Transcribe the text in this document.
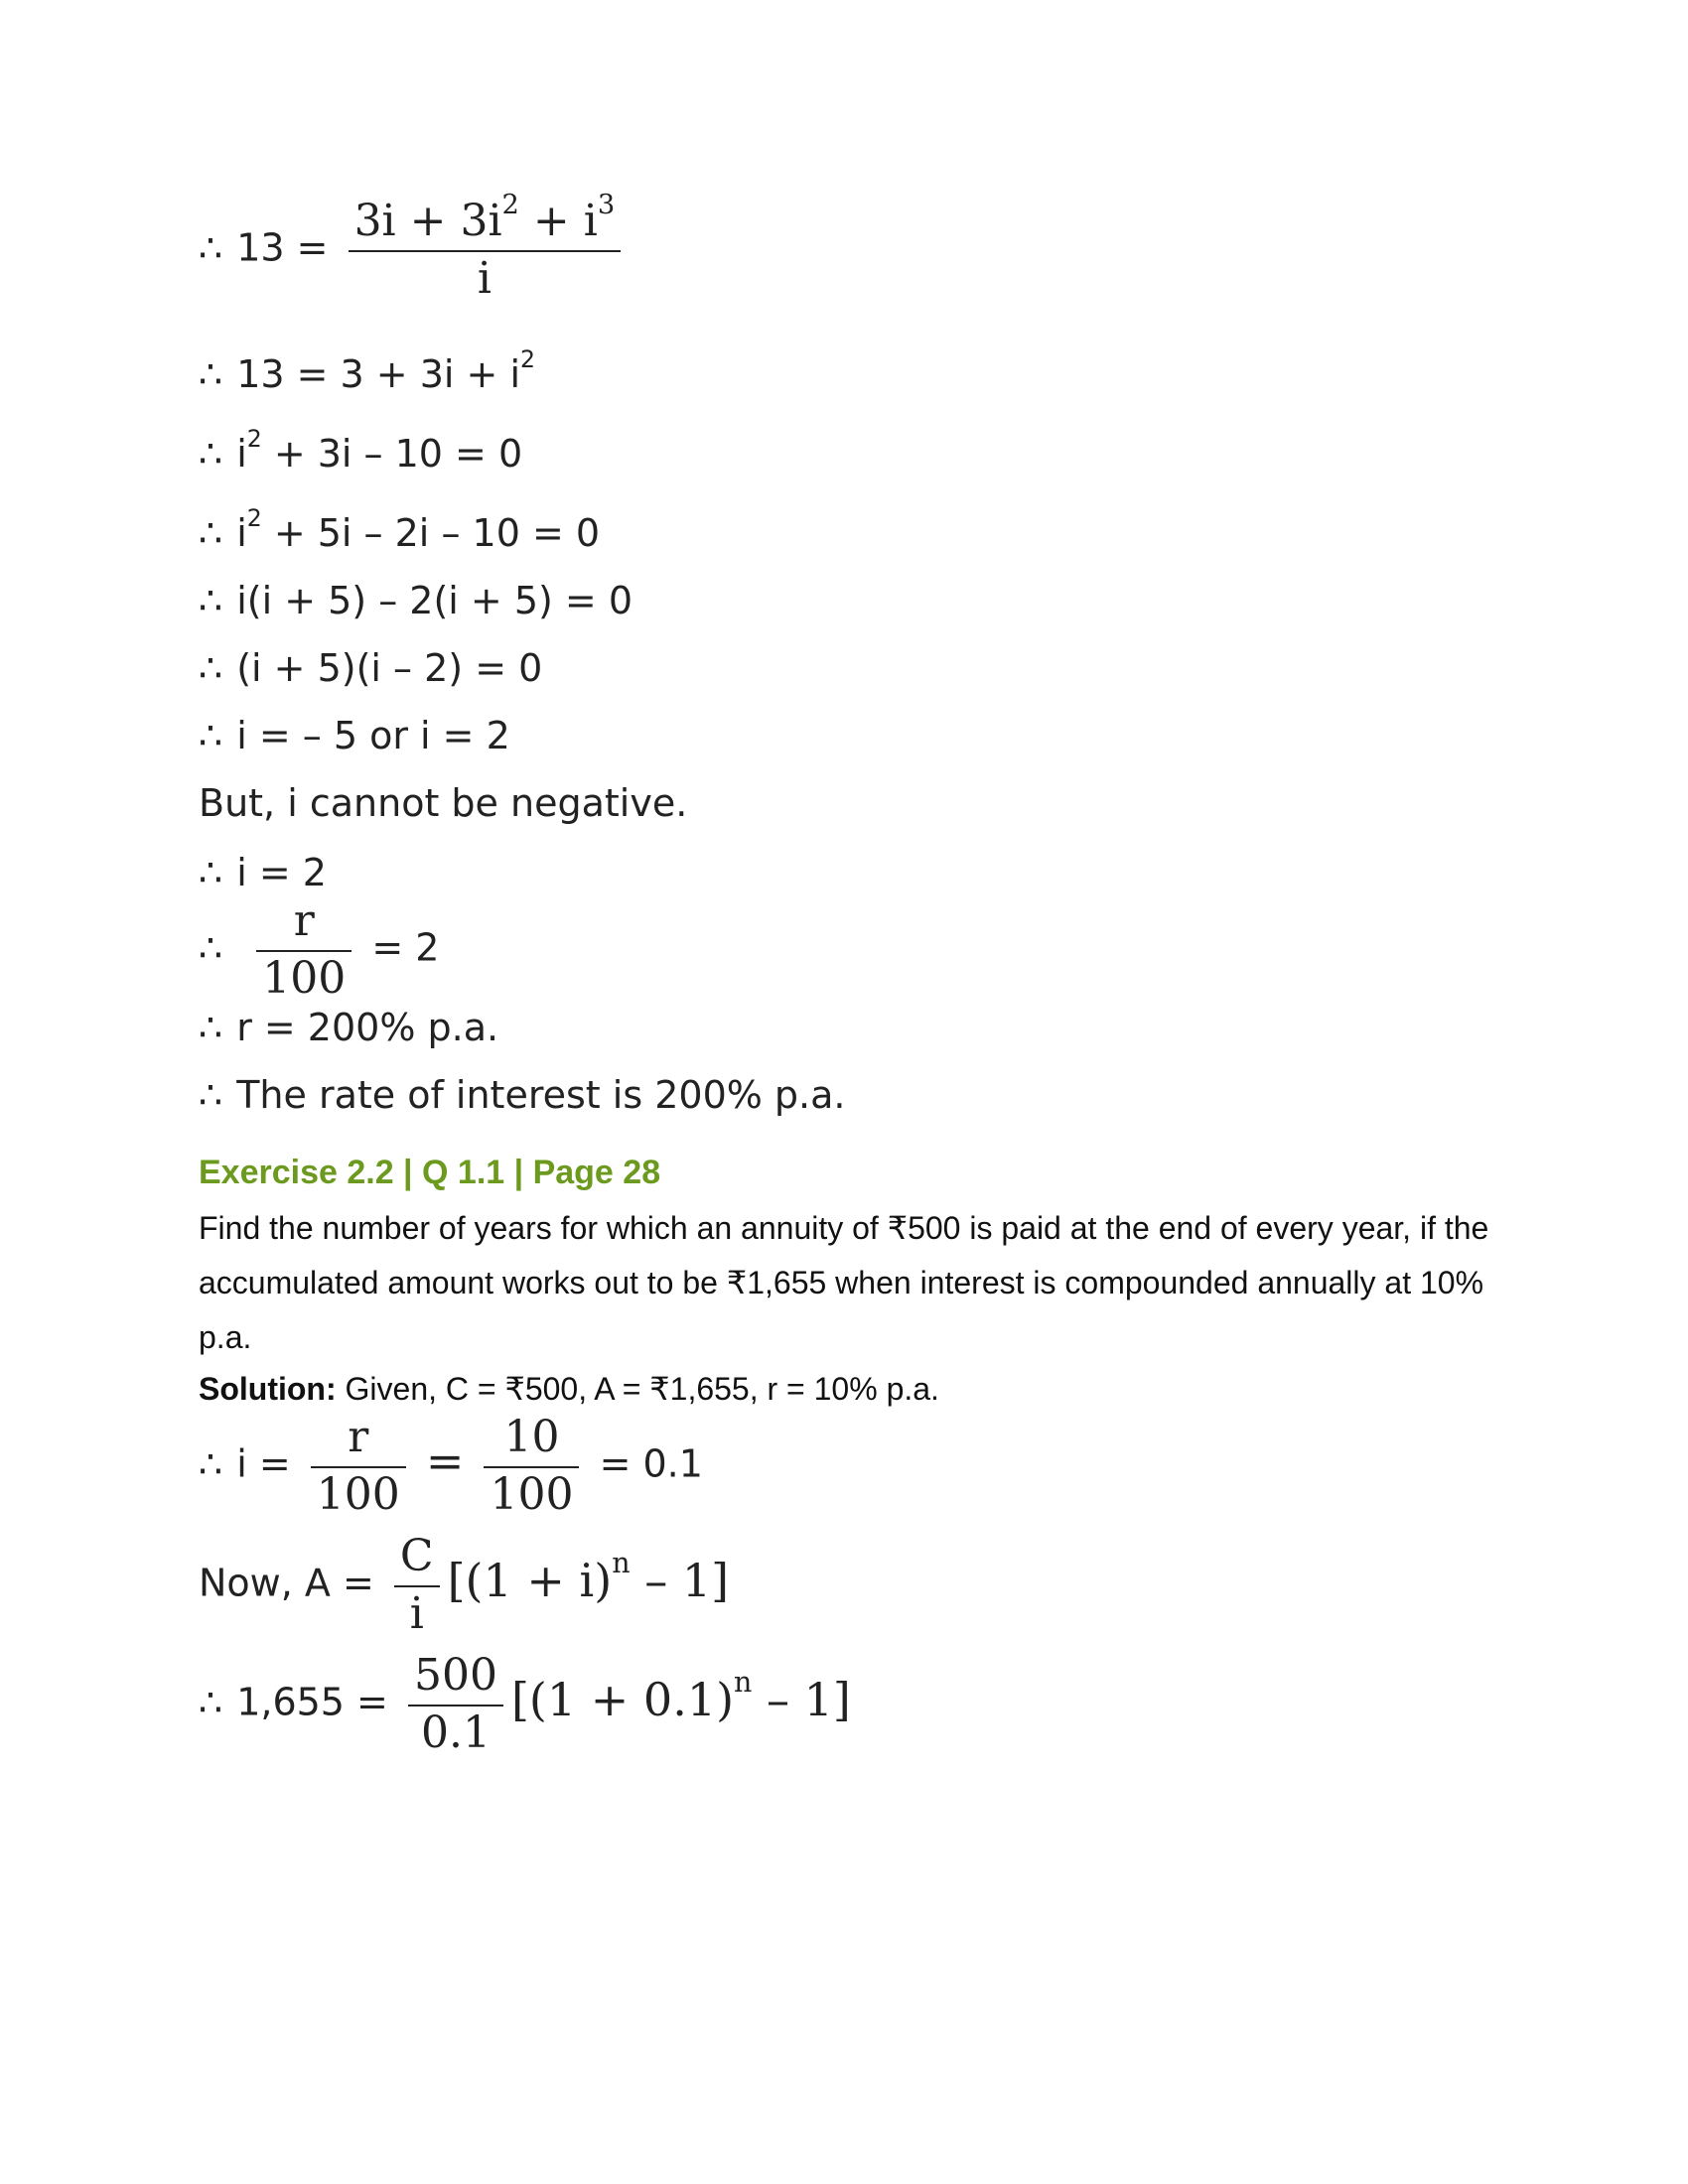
∴ $13 = \frac{3i + 3i^2 + i^3}{i}$
∴ $13 = 3 + 3i + i^2$
∴ $i^2 + 3i - 10 = 0$
∴ $i^2 + 5i - 2i - 10 = 0$
∴ i(i + 5) – 2(i + 5) = 0
∴ (i + 5)(i – 2) = 0
∴ i = – 5 or i = 2
But, i cannot be negative.
∴ i = 2
∴ $\frac{r}{100} = 2$
∴ r = 200% p.a.
∴ The rate of interest is 200% p.a.
Exercise 2.2 | Q 1.1 | Page 28
Find the number of years for which an annuity of ₹500 is paid at the end of every year, if the accumulated amount works out to be ₹1,655 when interest is compounded annually at 10% p.a.
Solution: Given, C = ₹500, A = ₹1,655, r = 10% p.a.
∴ $i = \frac{r}{100} = \frac{10}{100} = 0.1$
Now, $A = \frac{C}{i} [(1 + i)^n - 1]$
∴ $1,655 = \frac{500}{0.1} [(1 + 0.1)^n - 1]$
